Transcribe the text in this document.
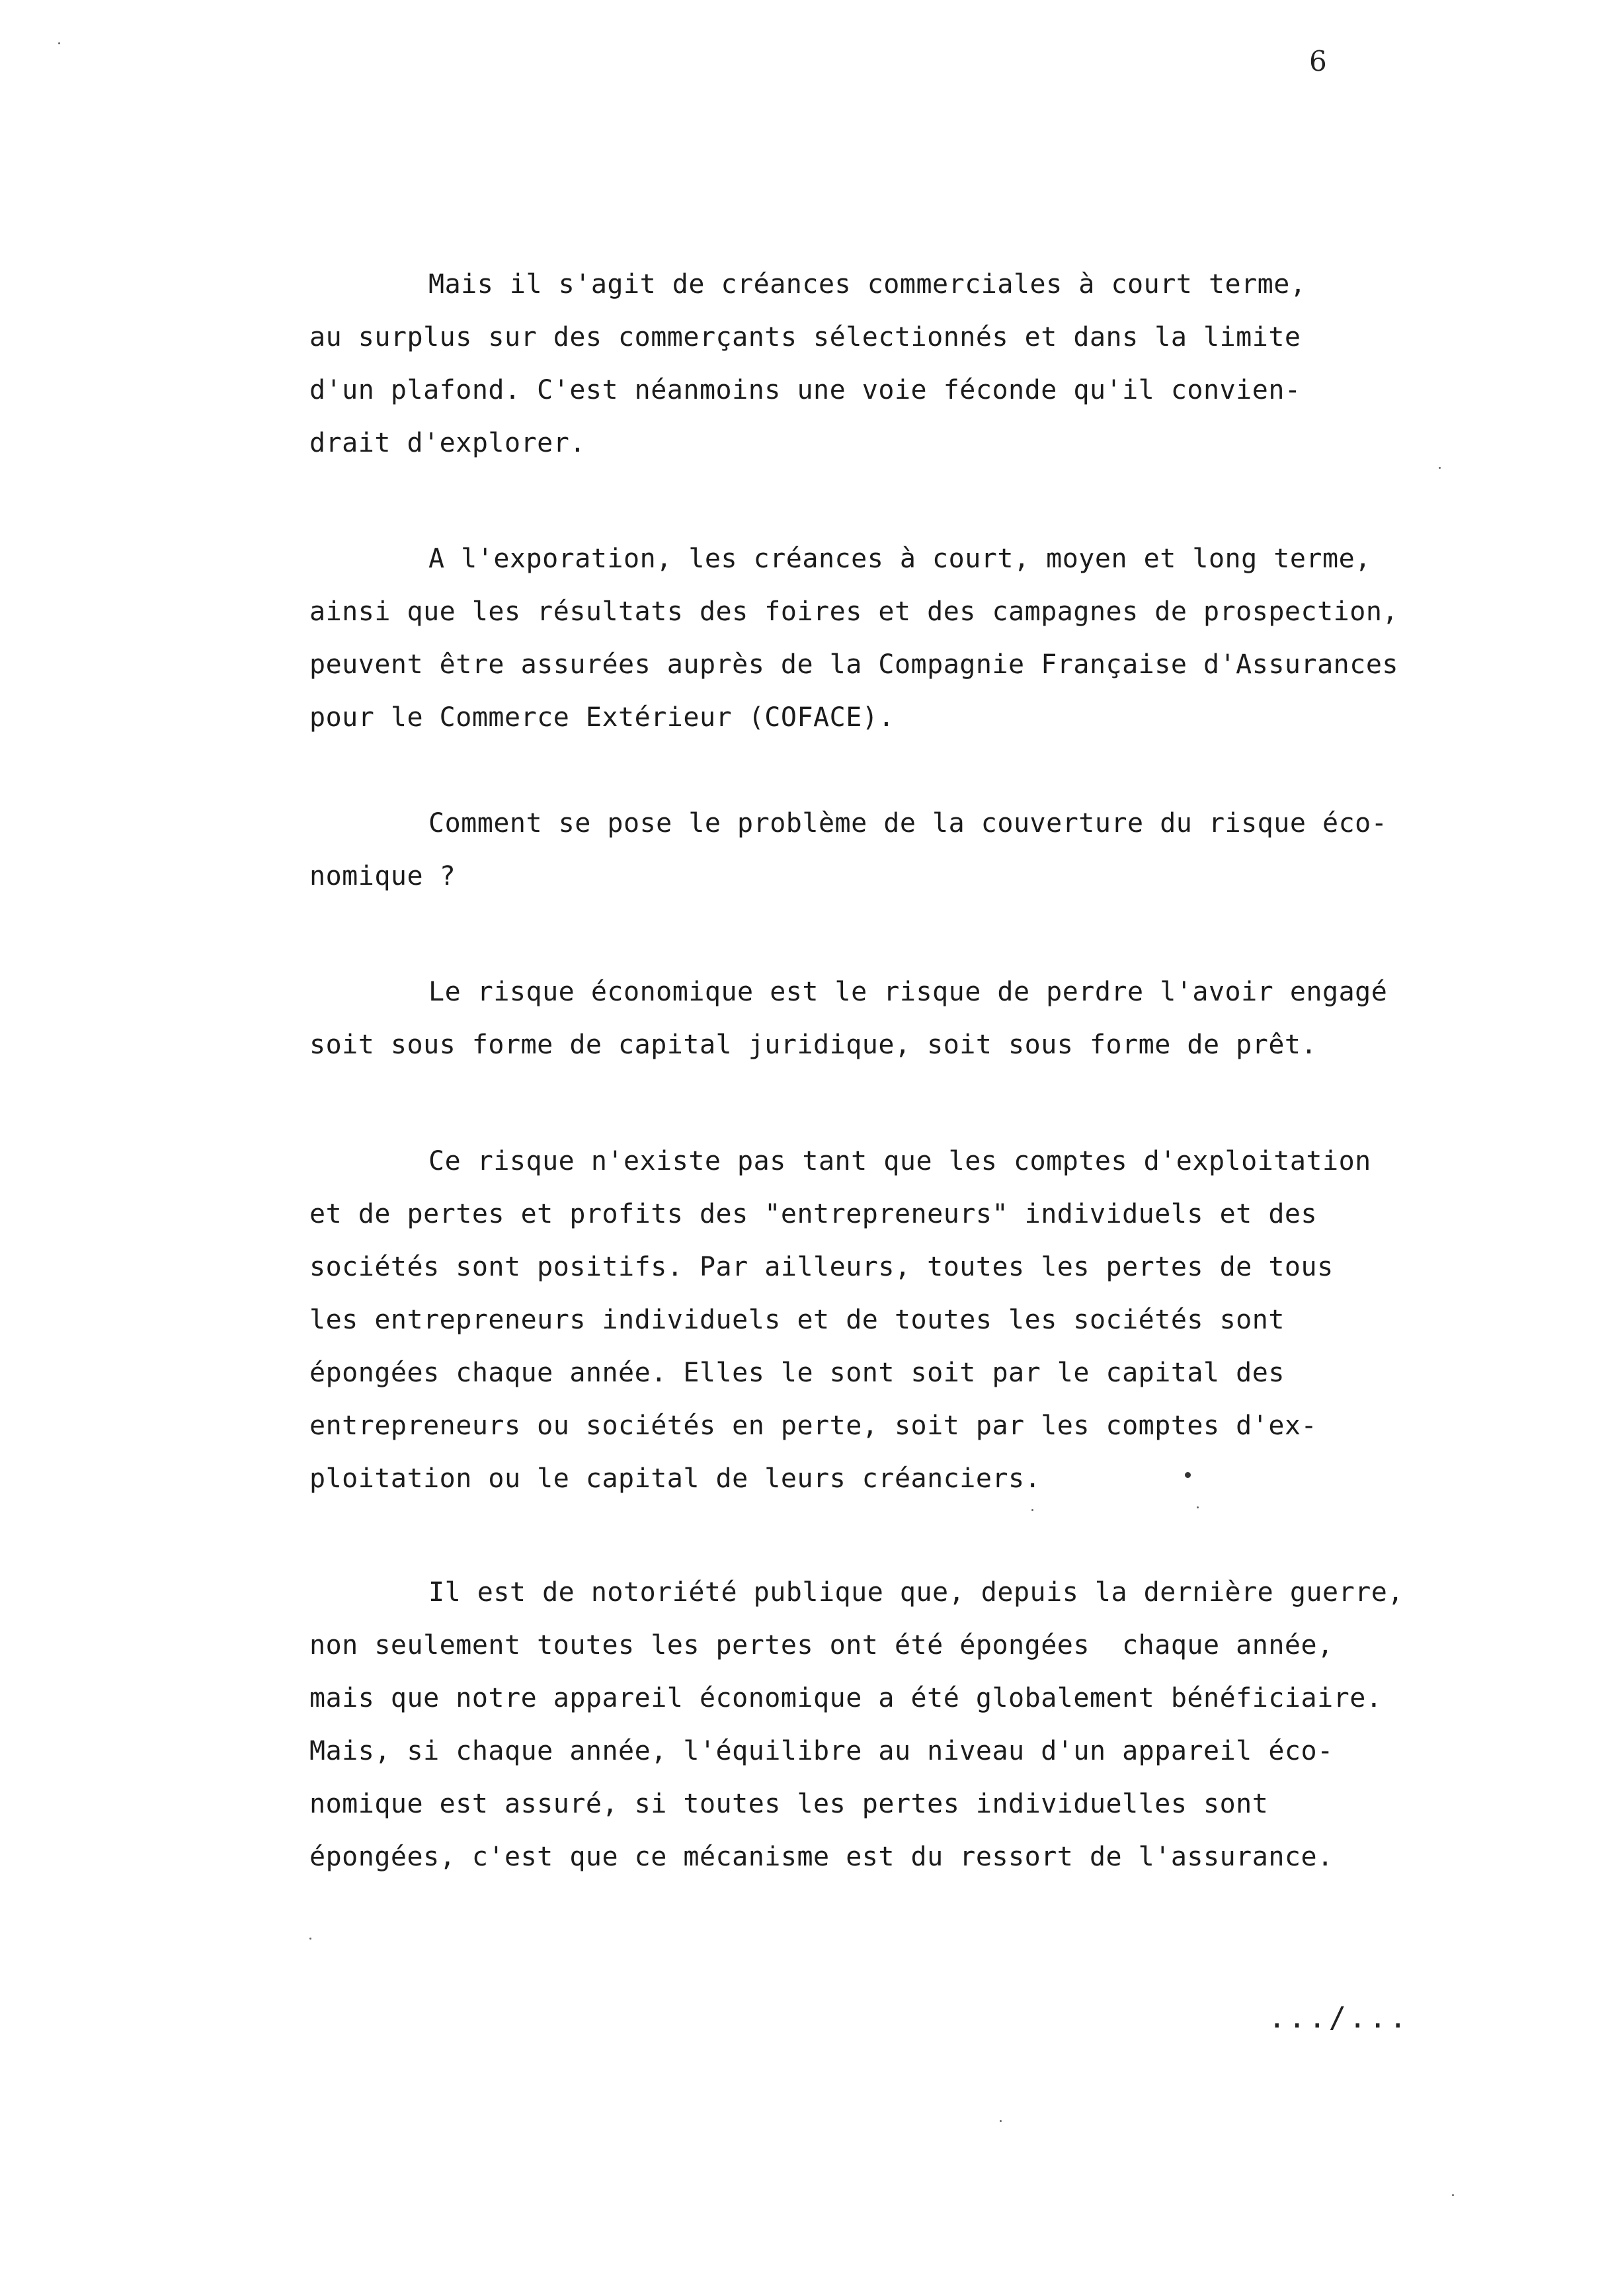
6
Mais il s'agit de créances commerciales à court terme,
au surplus sur des commerçants sélectionnés et dans la limite
d'un plafond. C'est néanmoins une voie féconde qu'il convien-
drait d'explorer.
A l'exporation, les créances à court, moyen et long terme,
ainsi que les résultats des foires et des campagnes de prospection,
peuvent être assurées auprès de la Compagnie Française d'Assurances
pour le Commerce Extérieur (COFACE).
Comment se pose le problème de la couverture du risque éco-
nomique ?
Le risque économique est le risque de perdre l'avoir engagé
soit sous forme de capital juridique, soit sous forme de prêt.
Ce risque n'existe pas tant que les comptes d'exploitation
et de pertes et profits des "entrepreneurs" individuels et des
sociétés sont positifs. Par ailleurs, toutes les pertes de tous
les entrepreneurs individuels et de toutes les sociétés sont
épongées chaque année. Elles le sont soit par le capital des
entrepreneurs ou sociétés en perte, soit par les comptes d'ex-
ploitation ou le capital de leurs créanciers.
Il est de notoriété publique que, depuis la dernière guerre,
non seulement toutes les pertes ont été épongées  chaque année,
mais que notre appareil économique a été globalement bénéficiaire.
Mais, si chaque année, l'équilibre au niveau d'un appareil éco-
nomique est assuré, si toutes les pertes individuelles sont
épongées, c'est que ce mécanisme est du ressort de l'assurance.
.../...
